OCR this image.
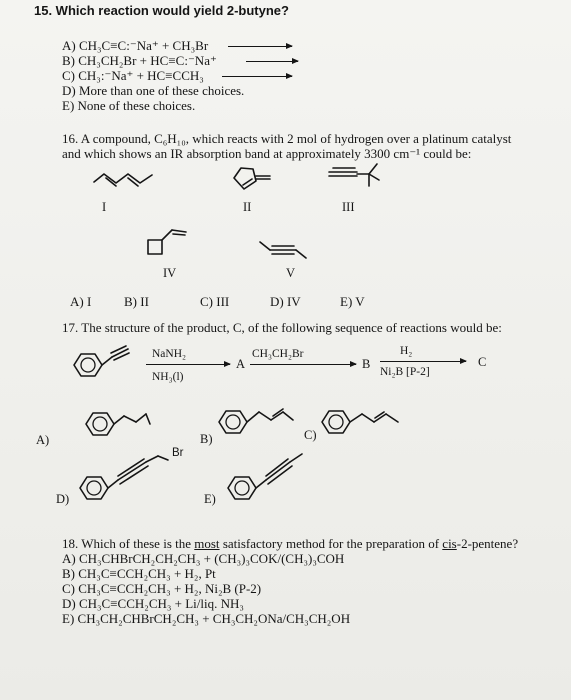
15. Which reaction would yield 2-butyne?
A) CH₃C≡C:⁻Na⁺ + CH₃Br
B) CH₃CH₂Br + HC≡C:⁻Na⁺
C) CH₃:⁻Na⁺ + HC≡CCH₃
D) More than one of these choices.
E) None of these choices.
16. A compound, C₆H₁₀, which reacts with 2 mol of hydrogen over a platinum catalyst
and which shows an IR absorption band at approximately 3300 cm⁻¹ could be:
I	II	III
IV	V
A) I	B) II	C) III	D) IV	E) V
17. The structure of the product, C, of the following sequence of reactions would be:
NaNH₂
NH₃(l)
A
CH₃CH₂Br
B
H₂
Ni₂B [P-2]
C
A)	B)	C)
D)
Br
E)
18. Which of these is the most satisfactory method for the preparation of cis-2-pentene?
A) CH₃CHBrCH₂CH₂CH₃ + (CH₃)₃COK/(CH₃)₃COH
B) CH₃C≡CCH₂CH₃ + H₂, Pt
C) CH₃C≡CCH₂CH₃ + H₂, Ni₂B (P-2)
D) CH₃C≡CCH₂CH₃ + Li/liq. NH₃
E) CH₃CH₂CHBrCH₂CH₃ + CH₃CH₂ONa/CH₃CH₂OH
